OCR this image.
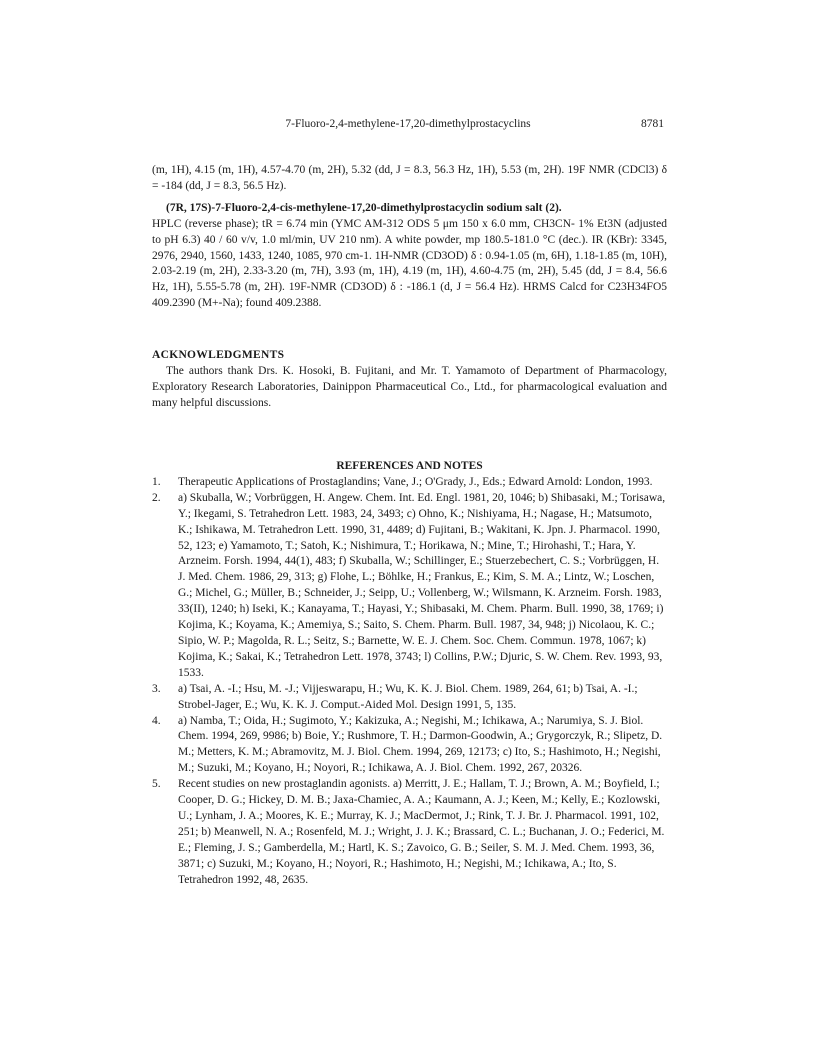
7-Fluoro-2,4-methylene-17,20-dimethylprostacyclins	8781

(m, 1H), 4.15 (m, 1H), 4.57-4.70 (m, 2H), 5.32 (dd, J = 8.3, 56.3 Hz, 1H), 5.53 (m, 2H). 19F NMR (CDCl3) δ = -184 (dd, J = 8.3, 56.5 Hz).

(7R, 17S)-7-Fluoro-2,4-cis-methylene-17,20-dimethylprostacyclin sodium salt (2).
HPLC (reverse phase); tR = 6.74 min (YMC AM-312 ODS 5 μm 150 x 6.0 mm, CH3CN- 1% Et3N (adjusted to pH 6.3) 40 / 60 v/v, 1.0 ml/min, UV 210 nm). A white powder, mp 180.5-181.0 °C (dec.). IR (KBr): 3345, 2976, 2940, 1560, 1433, 1240, 1085, 970 cm-1. 1H-NMR (CD3OD) δ : 0.94-1.05 (m, 6H), 1.18-1.85 (m, 10H), 2.03-2.19 (m, 2H), 2.33-3.20 (m, 7H), 3.93 (m, 1H), 4.19 (m, 1H), 4.60-4.75 (m, 2H), 5.45 (dd, J = 8.4, 56.6 Hz, 1H), 5.55-5.78 (m, 2H). 19F-NMR (CD3OD) δ : -186.1 (d, J = 56.4 Hz). HRMS Calcd for C23H34FO5 409.2390 (M+-Na); found 409.2388.

ACKNOWLEDGMENTS

The authors thank Drs. K. Hosoki, B. Fujitani, and Mr. T. Yamamoto of Department of Pharmacology, Exploratory Research Laboratories, Dainippon Pharmaceutical Co., Ltd., for pharmacological evaluation and many helpful discussions.

REFERENCES AND NOTES

1.	Therapeutic Applications of Prostaglandins; Vane, J.; O'Grady, J., Eds.; Edward Arnold: London, 1993.
2.	a) Skuballa, W.; Vorbrüggen, H. Angew. Chem. Int. Ed. Engl. 1981, 20, 1046; b) Shibasaki, M.; Torisawa, Y.; Ikegami, S. Tetrahedron Lett. 1983, 24, 3493; c) Ohno, K.; Nishiyama, H.; Nagase, H.; Matsumoto, K.; Ishikawa, M. Tetrahedron Lett. 1990, 31, 4489; d) Fujitani, B.; Wakitani, K. Jpn. J. Pharmacol. 1990, 52, 123; e) Yamamoto, T.; Satoh, K.; Nishimura, T.; Horikawa, N.; Mine, T.; Hirohashi, T.; Hara, Y. Arzneim. Forsh. 1994, 44(1), 483; f) Skuballa, W.; Schillinger, E.; Stuerzebechert, C. S.; Vorbrüggen, H. J. Med. Chem. 1986, 29, 313; g) Flohe, L.; Böhlke, H.; Frankus, E.; Kim, S. M. A.; Lintz, W.; Loschen, G.; Michel, G.; Müller, B.; Schneider, J.; Seipp, U.; Vollenberg, W.; Wilsmann, K. Arzneim. Forsh. 1983, 33(II), 1240; h) Iseki, K.; Kanayama, T.; Hayasi, Y.; Shibasaki, M. Chem. Pharm. Bull. 1990, 38, 1769; i) Kojima, K.; Koyama, K.; Amemiya, S.; Saito, S. Chem. Pharm. Bull. 1987, 34, 948; j) Nicolaou, K. C.; Sipio, W. P.; Magolda, R. L.; Seitz, S.; Barnette, W. E. J. Chem. Soc. Chem. Commun. 1978, 1067; k) Kojima, K.; Sakai, K.; Tetrahedron Lett. 1978, 3743; l) Collins, P.W.; Djuric, S. W. Chem. Rev. 1993, 93, 1533.
3.	a) Tsai, A. -I.; Hsu, M. -J.; Vijjeswarapu, H.; Wu, K. K. J. Biol. Chem. 1989, 264, 61; b) Tsai, A. -I.; Strobel-Jager, E.; Wu, K. K. J. Comput.-Aided Mol. Design 1991, 5, 135.
4.	a) Namba, T.; Oida, H.; Sugimoto, Y.; Kakizuka, A.; Negishi, M.; Ichikawa, A.; Narumiya, S. J. Biol. Chem. 1994, 269, 9986; b) Boie, Y.; Rushmore, T. H.; Darmon-Goodwin, A.; Grygorczyk, R.; Slipetz, D. M.; Metters, K. M.; Abramovitz, M. J. Biol. Chem. 1994, 269, 12173; c) Ito, S.; Hashimoto, H.; Negishi, M.; Suzuki, M.; Koyano, H.; Noyori, R.; Ichikawa, A. J. Biol. Chem. 1992, 267, 20326.
5.	Recent studies on new prostaglandin agonists. a) Merritt, J. E.; Hallam, T. J.; Brown, A. M.; Boyfield, I.; Cooper, D. G.; Hickey, D. M. B.; Jaxa-Chamiec, A. A.; Kaumann, A. J.; Keen, M.; Kelly, E.; Kozlowski, U.; Lynham, J. A.; Moores, K. E.; Murray, K. J.; MacDermot, J.; Rink, T. J. Br. J. Pharmacol. 1991, 102, 251; b) Meanwell, N. A.; Rosenfeld, M. J.; Wright, J. J. K.; Brassard, C. L.; Buchanan, J. O.; Federici, M. E.; Fleming, J. S.; Gamberdella, M.; Hartl, K. S.; Zavoico, G. B.; Seiler, S. M. J. Med. Chem. 1993, 36, 3871; c) Suzuki, M.; Koyano, H.; Noyori, R.; Hashimoto, H.; Negishi, M.; Ichikawa, A.; Ito, S. Tetrahedron 1992, 48, 2635.
